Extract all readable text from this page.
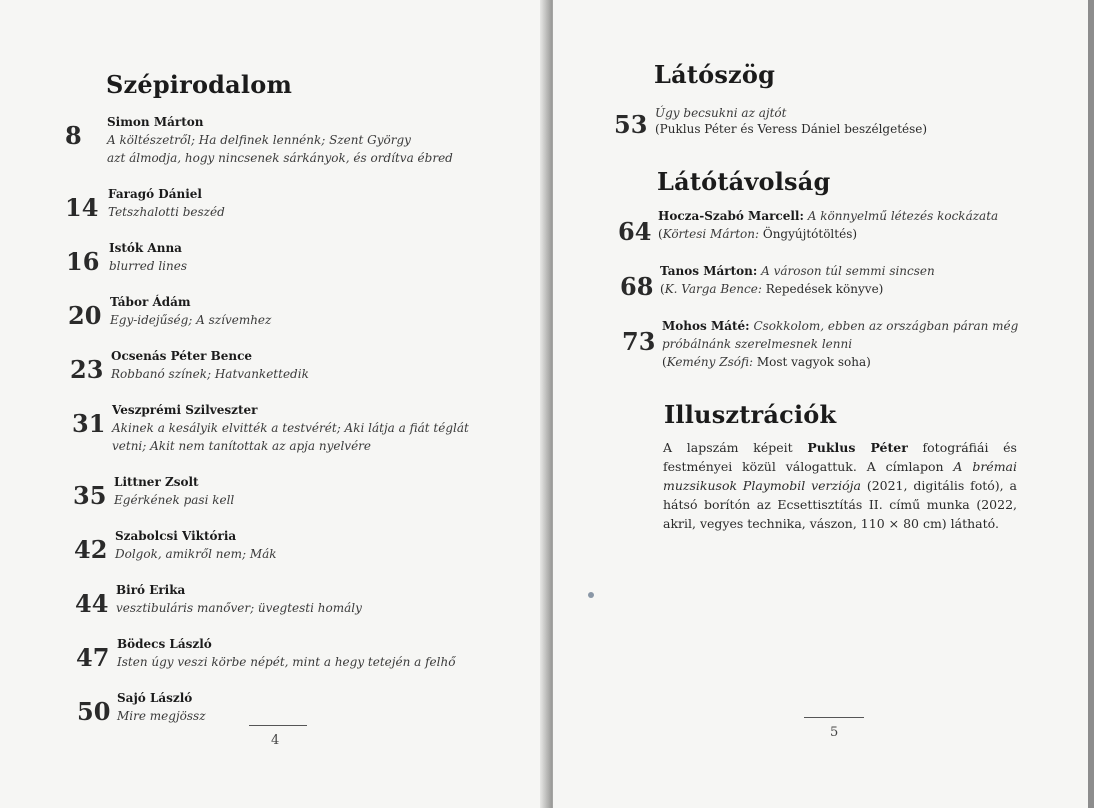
Szépirodalom
8 Simon Márton
A költészetről; Ha delfinek lennénk; Szent György
azt álmodja, hogy nincsenek sárkányok, és ordítva ébred
14 Faragó Dániel
Tetszhalotti beszéd
16 Istók Anna
blurred lines
20 Tábor Ádám
Egy-idejűség; A szívemhez
23 Ocsenás Péter Bence
Robbanó színek; Hatvankettedik
31 Veszprémi Szilveszter
Akinek a kesályik elvitték a testvérét; Aki látja a fiát téglát
vetni; Akit nem tanítottak az apja nyelvére
35 Littner Zsolt
Egérkének pasi kell
42 Szabolcsi Viktória
Dolgok, amikről nem; Mák
44 Biró Erika
vesztibuláris manőver; üvegtesti homály
47 Bödecs László
Isten úgy veszi körbe népét, mint a hegy tetején a felhő
50 Sajó László
Mire megjössz
4
Látószög
53 Úgy becsukni az ajtót
(Puklus Péter és Veress Dániel beszélgetése)
Látótávolság
64
Hocza-Szabó Marcell: A könnyelmű létezés kockázata
(Körtesi Márton: Öngyújtótöltés)
68
Tanos Márton: A városon túl semmi sincsen
(K. Varga Bence: Repedések könyve)
73
Mohos Máté: Csokkolom, ebben az országban páran még
próbálnánk szerelmesnek lenni
(Kemény Zsófi: Most vagyok soha)
Illusztrációk
A lapszám képeit Puklus Péter fotográfiái és festményei közül válogattuk. A címlapon A brémai muzsikusok Playmobil verziója (2021, digitális fotó), a hátsó borítón az Ecsettisztítás II. című munka (2022, akril, vegyes technika, vászon, 110 × 80 cm) látható.
5
